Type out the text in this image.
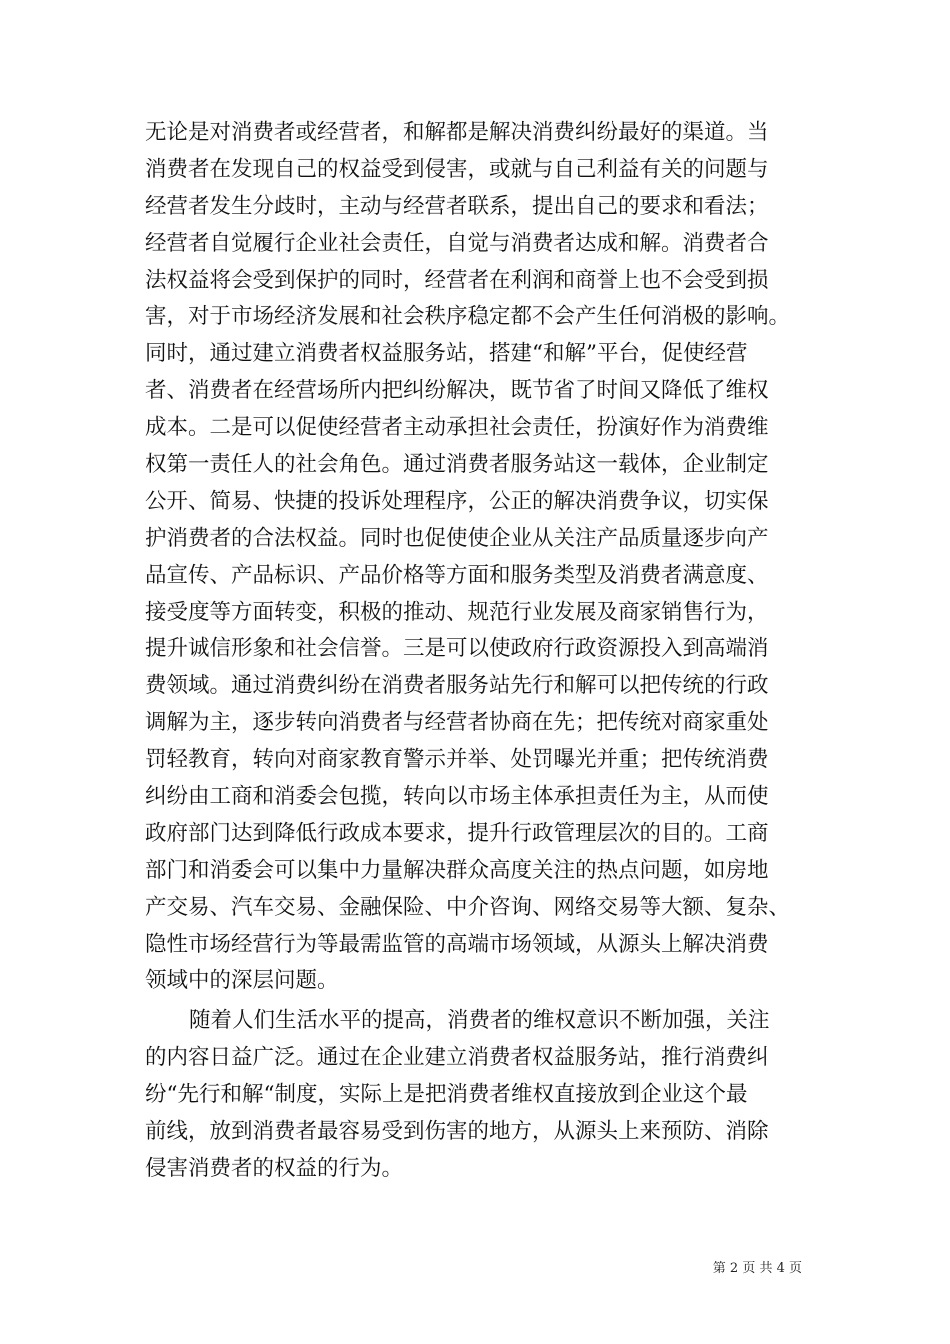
无论是对消费者或经营者，和解都是解决消费纠纷最好的渠道。当
消费者在发现自己的权益受到侵害，或就与自己利益有关的问题与
经营者发生分歧时，主动与经营者联系，提出自己的要求和看法；
经营者自觉履行企业社会责任，自觉与消费者达成和解。消费者合
法权益将会受到保护的同时，经营者在利润和商誉上也不会受到损
害，对于市场经济发展和社会秩序稳定都不会产生任何消极的影响。
同时，通过建立消费者权益服务站，搭建“和解”平台，促使经营
者、消费者在经营场所内把纠纷解决，既节省了时间又降低了维权
成本。二是可以促使经营者主动承担社会责任，扮演好作为消费维
权第一责任人的社会角色。通过消费者服务站这一载体，企业制定
公开、简易、快捷的投诉处理程序，公正的解决消费争议，切实保
护消费者的合法权益。同时也促使使企业从关注产品质量逐步向产
品宣传、产品标识、产品价格等方面和服务类型及消费者满意度、
接受度等方面转变，积极的推动、规范行业发展及商家销售行为，
提升诚信形象和社会信誉。三是可以使政府行政资源投入到高端消
费领域。通过消费纠纷在消费者服务站先行和解可以把传统的行政
调解为主，逐步转向消费者与经营者协商在先；把传统对商家重处
罚轻教育，转向对商家教育警示并举、处罚曝光并重；把传统消费
纠纷由工商和消委会包揽，转向以市场主体承担责任为主，从而使
政府部门达到降低行政成本要求，提升行政管理层次的目的。工商
部门和消委会可以集中力量解决群众高度关注的热点问题，如房地
产交易、汽车交易、金融保险、中介咨询、网络交易等大额、复杂、
隐性市场经营行为等最需监管的高端市场领域，从源头上解决消费
领域中的深层问题。
随着人们生活水平的提高，消费者的维权意识不断加强，关注
的内容日益广泛。通过在企业建立消费者权益服务站，推行消费纠
纷“先行和解“制度，实际上是把消费者维权直接放到企业这个最
前线，放到消费者最容易受到伤害的地方，从源头上来预防、消除
侵害消费者的权益的行为。
第 2 页 共 4 页
